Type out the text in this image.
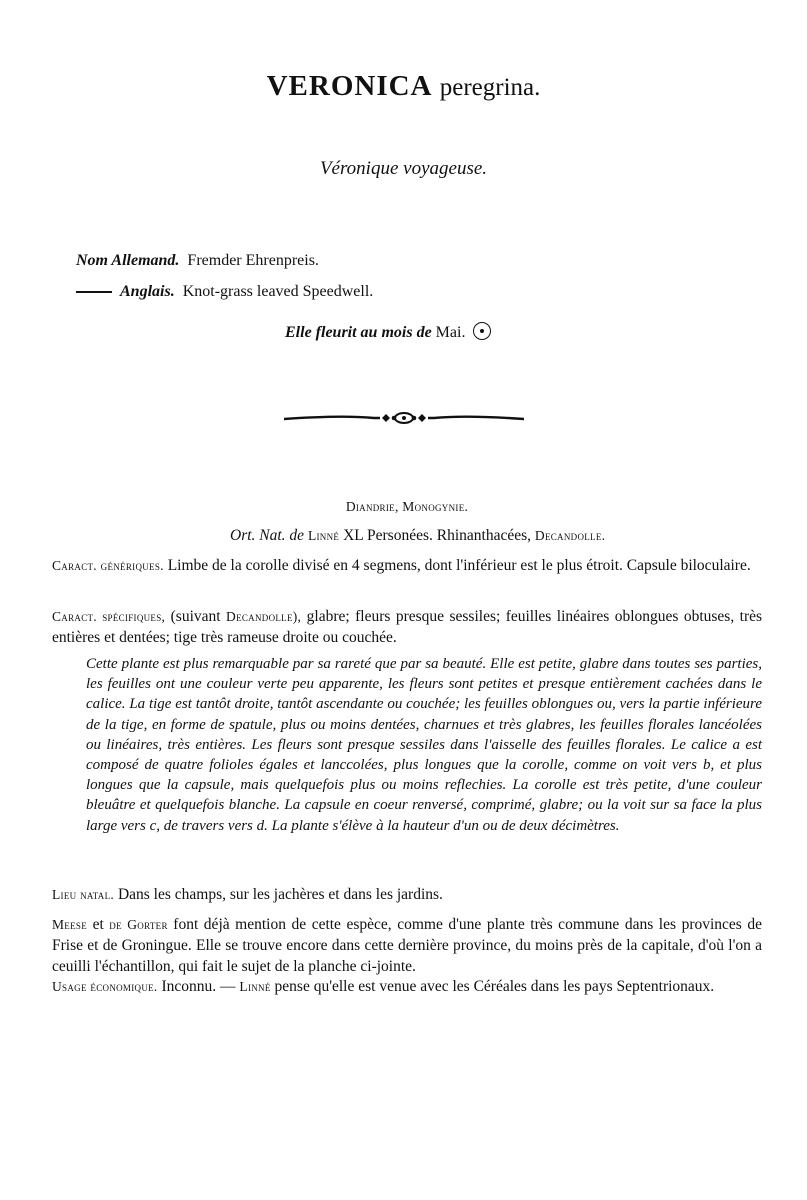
VERONICA peregrina.
Véronique voyageuse.
Nom Allemand. Fremder Ehrenpreis.
Anglais. Knot-grass leaved Speedwell.
Elle fleurit au mois de Mai.
Diandrie, Monogynie.
Ort. Nat. de Linné XL Personées. Rhinanthacées, Decandolle.
Caract. génériques. Limbe de la corolle divisé en 4 segmens, dont l'inférieur est le plus étroit. Capsule biloculaire.
Caract. spécifiques, (suivant Decandolle), glabre; fleurs presque sessiles; feuilles linéaires oblongues obtuses, très entières et dentées; tige très rameuse droite ou couchée.
Cette plante est plus remarquable par sa rareté que par sa beauté. Elle est petite, glabre dans toutes ses parties, les feuilles ont une couleur verte peu apparente, les fleurs sont petites et presque entièrement cachées dans le calice. La tige est tantôt droite, tantôt ascendante ou couchée; les feuilles oblongues ou, vers la partie inférieure de la tige, en forme de spatule, plus ou moins dentées, charnues et très glabres, les feuilles florales lancéolées ou linéaires, très entières. Les fleurs sont presque sessiles dans l'aisselle des feuilles florales. Le calice a est composé de quatre folioles égales et lanccolées, plus longues que la corolle, comme on voit vers b, et plus longues que la capsule, mais quelquefois plus ou moins reflechies. La corolle est très petite, d'une couleur bleuâtre et quelquefois blanche. La capsule en coeur renversé, comprimé, glabre; ou la voit sur sa face la plus large vers c, de travers vers d. La plante s'élève à la hauteur d'un ou de deux décimètres.
Lieu natal. Dans les champs, sur les jachères et dans les jardins.
Meese et de Gorter font déjà mention de cette espèce, comme d'une plante très commune dans les provinces de Frise et de Groningue. Elle se trouve encore dans cette dernière province, du moins près de la capitale, d'où l'on a ceuilli l'échantillon, qui fait le sujet de la planche ci-jointe.
Usage économique. Inconnu. — Linné pense qu'elle est venue avec les Céréales dans les pays Septentrionaux.
